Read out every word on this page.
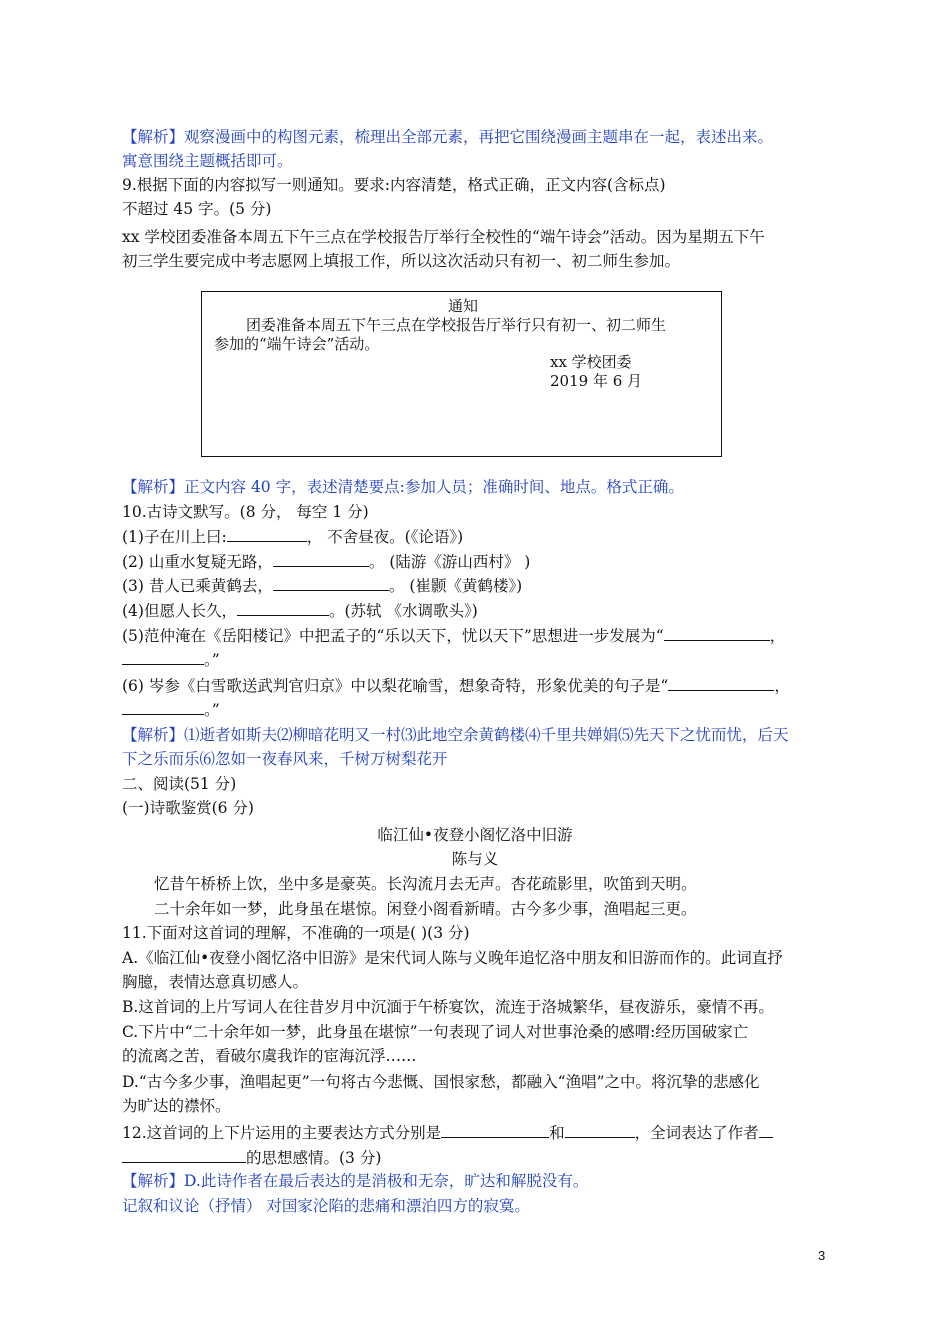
【解析】观察漫画中的构图元素，梳理出全部元素，再把它围绕漫画主题串在一起，表述出来。
寓意围绕主题概括即可。
9.根据下面的内容拟写一则通知。要求:内容清楚，格式正确，正文内容(含标点)
不超过 45 字。(5 分)
xx 学校团委准备本周五下午三点在学校报告厅举行全校性的“端午诗会”活动。因为星期五下午
初三学生要完成中考志愿网上填报工作，所以这次活动只有初一、初二师生参加。
通知
团委准备本周五下午三点在学校报告厅举行只有初一、初二师生
参加的“端午诗会”活动。
xx 学校团委
2019 年 6 月
【解析】正文内容 40 字，表述清楚要点:参加人员；准确时间、地点。格式正确。
10.古诗文默写。(8 分， 每空 1 分)
(1)子在川上曰:	， 不舍昼夜。(《论语》)
(2) 山重水复疑无路，	。 (陆游《游山西村》 )
(3) 昔人已乘黄鹤去，	。 (崔颢《黄鹤楼》)
(4)但愿人长久，	。(苏轼 《水调歌头》)
(5)范仲淹在《岳阳楼记》中把孟子的“乐以天下，忧以天下”思想进一步发展为“	，
。”
(6) 岑参《白雪歌送武判官归京》中以梨花喻雪，想象奇特，形象优美的句子是“	，
。”
【解析】⑴逝者如斯夫⑵柳暗花明又一村⑶此地空余黄鹤楼⑷千里共婵娟⑸先天下之忧而忧，后天
下之乐而乐⑹忽如一夜春风来，千树万树梨花开
二、阅读(51 分)
(一)诗歌鉴赏(6 分)
临江仙•夜登小阁忆洛中旧游
陈与义
忆昔午桥桥上饮，坐中多是豪英。长沟流月去无声。杏花疏影里，吹笛到天明。
二十余年如一梦，此身虽在堪惊。闲登小阁看新晴。古今多少事，渔唱起三更。
11.下面对这首词的理解，不准确的一项是( )(3 分)
A.《临江仙•夜登小阁忆洛中旧游》是宋代词人陈与义晚年追忆洛中朋友和旧游而作的。此词直抒
胸臆，表情达意真切感人。
B.这首词的上片写词人在往昔岁月中沉湎于午桥宴饮，流连于洛城繁华，昼夜游乐，豪情不再。
C.下片中“二十余年如一梦，此身虽在堪惊”一句表现了词人对世事沧桑的感喟:经历国破家亡
的流离之苦，看破尔虞我诈的宦海沉浮……
D.“古今多少事，渔唱起更”一句将古今悲慨、国恨家愁，都融入“渔唱”之中。将沉挚的悲感化
为旷达的襟怀。
12.这首词的上下片运用的主要表达方式分别是	和	，全词表达了作者
的思想感情。(3 分)
【解析】D.此诗作者在最后表达的是消极和无奈，旷达和解脱没有。
记叙和议论（抒情） 对国家沦陷的悲痛和漂泊四方的寂寞。
3
